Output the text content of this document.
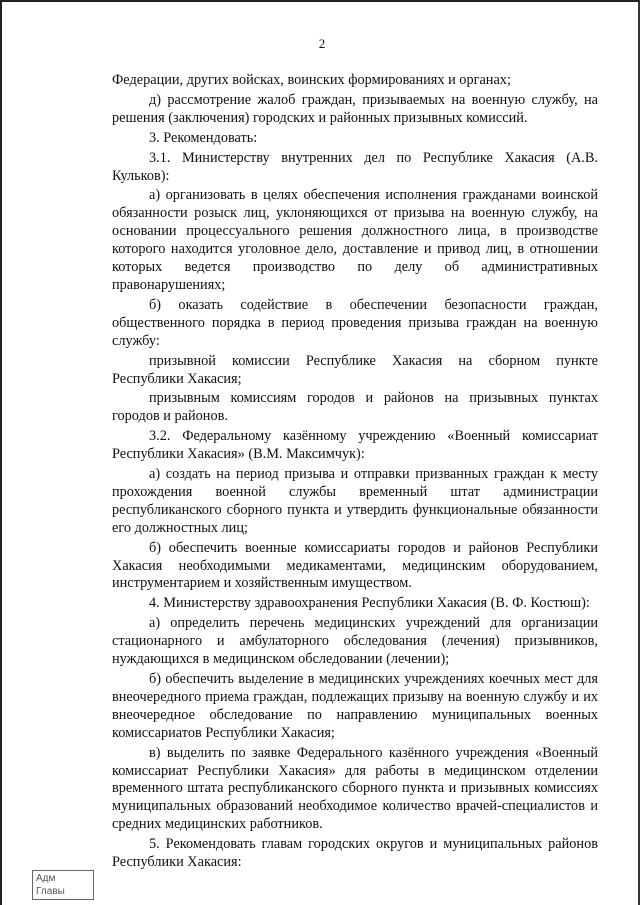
2

Федерации, других войсках, воинских формированиях и органах;

д) рассмотрение жалоб граждан, призываемых на военную службу, на решения (заключения) городских и районных призывных комиссий.

3. Рекомендовать:

3.1. Министерству внутренних дел по Республике Хакасия (А.В. Кульков):

а) организовать в целях обеспечения исполнения гражданами воинской обязанности розыск лиц, уклоняющихся от призыва на военную службу, на основании процессуального решения должностного лица, в производстве которого находится уголовное дело, доставление и привод лиц, в отношении которых ведется производство по делу об административных правонарушениях;

б) оказать содействие в обеспечении безопасности граждан, общественного порядка в период проведения призыва граждан на военную службу:

призывной комиссии Республике Хакасия на сборном пункте Республики Хакасия;

призывным комиссиям городов и районов на призывных пунктах городов и районов.

3.2. Федеральному казённому учреждению «Военный комиссариат Республики Хакасия» (В.М. Максимчук):

а) создать на период призыва и отправки призванных граждан к месту прохождения военной службы временный штат администрации республиканского сборного пункта и утвердить функциональные обязанности его должностных лиц;

б) обеспечить военные комиссариаты городов и районов Республики Хакасия необходимыми медикаментами, медицинским оборудованием, инструментарием и хозяйственным имуществом.

4. Министерству здравоохранения Республики Хакасия (В. Ф. Костюш):

а) определить перечень медицинских учреждений для организации стационарного и амбулаторного обследования (лечения) призывников, нуждающихся в медицинском обследовании (лечении);

б) обеспечить выделение в медицинских учреждениях коечных мест для внеочередного приема граждан, подлежащих призыву на военную службу и их внеочередное обследование по направлению муниципальных военных комиссариатов Республики Хакасия;

в) выделить по заявке Федерального казённого учреждения «Военный комиссариат Республики Хакасия» для работы в медицинском отделении временного штата республиканского сборного пункта и призывных комиссиях муниципальных образований необходимое количество врачей-специалистов и средних медицинских работников.

5. Рекомендовать главам городских округов и муниципальных районов Республики Хакасия:

Адм
Главы
